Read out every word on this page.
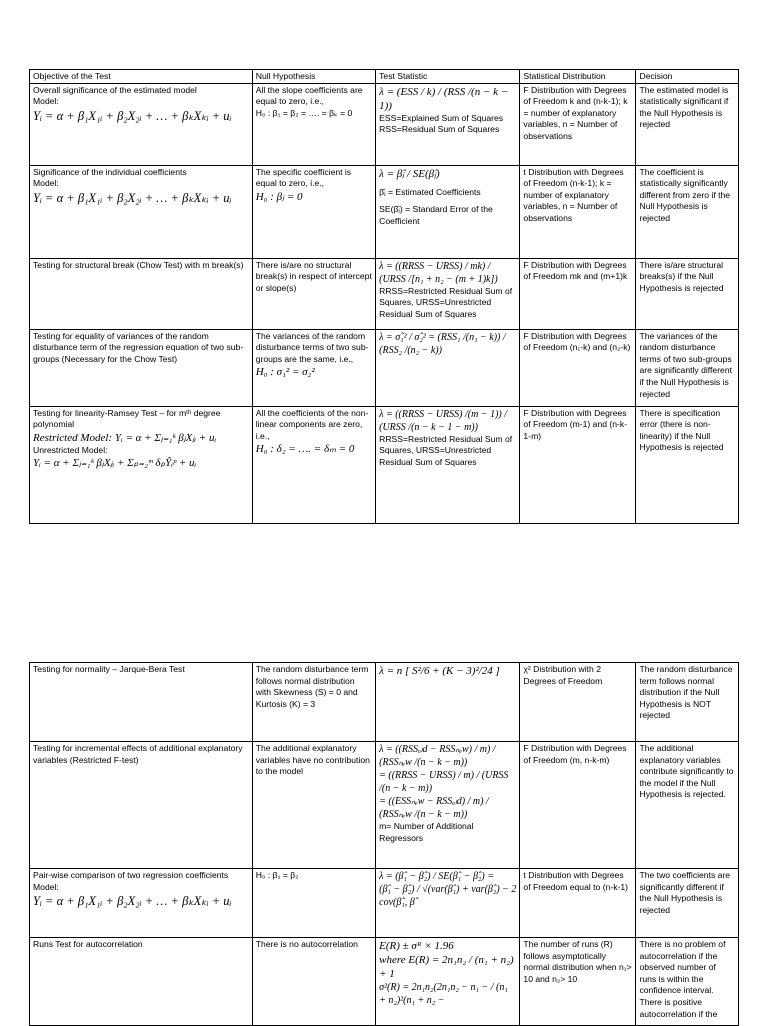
Objective of the Test	Null Hypothesis	Test Statistic	Statistical Distribution	Decision

Overall significance of the estimated model
Model:
Yᵢ = α + β₁X₁ᵢ + β₂X₂ᵢ + … + βₖXₖᵢ + uᵢ	All the slope coefficients are equal to zero, i.e.,
H₀ : β₁ = β₂ = …. = βₖ = 0	λ = (ESS / k) / (RSS /(n − k − 1))
ESS=Explained Sum of Squares
RSS=Residual Sum of Squares	F Distribution with Degrees of Freedom k and (n-k-1); k = number of explanatory variables, n = Number of observations	The estimated model is statistically significant if the Null Hypothesis is rejected

Significance of the individual coefficients
Model:
Yᵢ = α + β₁X₁ᵢ + β₂X₂ᵢ + … + βₖXₖᵢ + uᵢ	The specific coefficient is equal to zero, i.e.,
H₀ : βⱼ = 0	λ = β̂ⱼ / SE(β̂ⱼ)
β̂ⱼ = Estimated Coefficients
SE(β̂ⱼ) = Standard Error of the Coefficient	t Distribution with Degrees of Freedom (n-k-1); k = number of explanatory variables, n = Number of observations	The coefficient is statistically significantly different from zero if the Null Hypothesis is rejected

Testing for structural break (Chow Test) with m break(s)	There is/are no structural break(s) in respect of intercept or slope(s)	λ = ((RRSS − URSS) / mk) / (URSS /[n₁ + n₂ − (m + 1)k])
RRSS=Restricted Residual Sum of Squares, URSS=Unrestricted Residual Sum of Squares	F Distribution with Degrees of Freedom mk and (m+1)k	There is/are structural breaks(s) if the Null Hypothesis is rejected
Testing for equality of variances of the random disturbance term of the regression equation of two sub-groups (Necessary for the Chow Test)	The variances of the random disturbance terms of two sub-groups are the same, i.e.,
H₀ : σ₁² = σ₂²	λ = σ̂₁² / σ̂₂² = (RSS₁ /(n₁ − k)) / (RSS₂ /(n₂ − k))	F Distribution with Degrees of Freedom (n₁-k) and (n₂-k)	The variances of the random disturbance terms of two sub-groups are significantly different if the Null Hypothesis is rejected

Testing for linearity-Ramsey Test – for mᵗʰ degree polynomial
Restricted Model: Yᵢ = α + Σⱼ₌₁ᵏ βⱼXⱼᵢ + uᵢ
Unrestricted Model:
Yᵢ = α + Σⱼ₌₁ᵏ βⱼXⱼᵢ + Σₚ₌₂ᵐ δₚŶᵢᵖ + uᵢ	All the coefficients of the non-linear components are zero, i.e.,
H₀ : δ₂ = …. = δₘ = 0	λ = ((RRSS − URSS) /(m − 1)) / (URSS /(n − k − 1 − m))
RRSS=Restricted Residual Sum of Squares, URSS=Unrestricted Residual Sum of Squares	F Distribution with Degrees of Freedom (m-1) and (n-k-1-m)	There is specification error (there is non-linearity) if the Null Hypothesis is rejected
Testing for normality – Jarque-Bera Test	The random disturbance term follows normal distribution with Skewness (S) = 0 and Kurtosis (K) = 3	λ = n [ S²/6 + (K − 3)²/24 ]	χ² Distribution with 2 Degrees of Freedom	The random disturbance term follows normal distribution if the Null Hypothesis is NOT rejected
Testing for incremental effects of additional explanatory variables (Restricted F-test)	The additional explanatory variables have no contribution to the model	λ = ((RSSₒₗd − RSSₙₑw) / m) / (RSSₙₑw /(n − k − m))
= ((RRSS − URSS) / m) / (URSS /(n − k − m))
= ((ESSₙₑw − RSSₒₗd) / m) / (RSSₙₑw /(n − k − m))
m= Number of Additional Regressors	F Distribution with Degrees of Freedom (m, n-k-m)	The additional explanatory variables contribute significantly to the model if the Null Hypothesis is rejected.

Pair-wise comparison of two regression coefficients
Model:
Yᵢ = α + β₁X₁ᵢ + β₂X₂ᵢ + … + βₖXₖᵢ + uᵢ	H₀ : β₁ = β₂	λ = (β̂₁ − β̂₂) / SE(β̂₁ − β̂₂) =
(β̂₁ − β̂₂) / √(var(β̂₁) + var(β̂₂) − 2 cov(β̂₁, β̂	t Distribution with Degrees of Freedom equal to (n-k-1)	The two coefficients are significantly different if the Null Hypothesis is rejected
Runs Test for autocorrelation	There is no autocorrelation	E(R) ± σᴿ × 1.96
where E(R) = 2n₁n₂ / (n₁ + n₂) + 1
σ²(R) = 2n₁n₂(2n₁n₂ − n₁ − / (n₁ + n₂)²(n₁ + n₂ −	The number of runs (R) follows asymptotically normal distribution when n₁> 10 and n₂> 10	There is no problem of autocorrelation if the observed number of runs is within the confidence interval. There is positive autocorrelation if the
